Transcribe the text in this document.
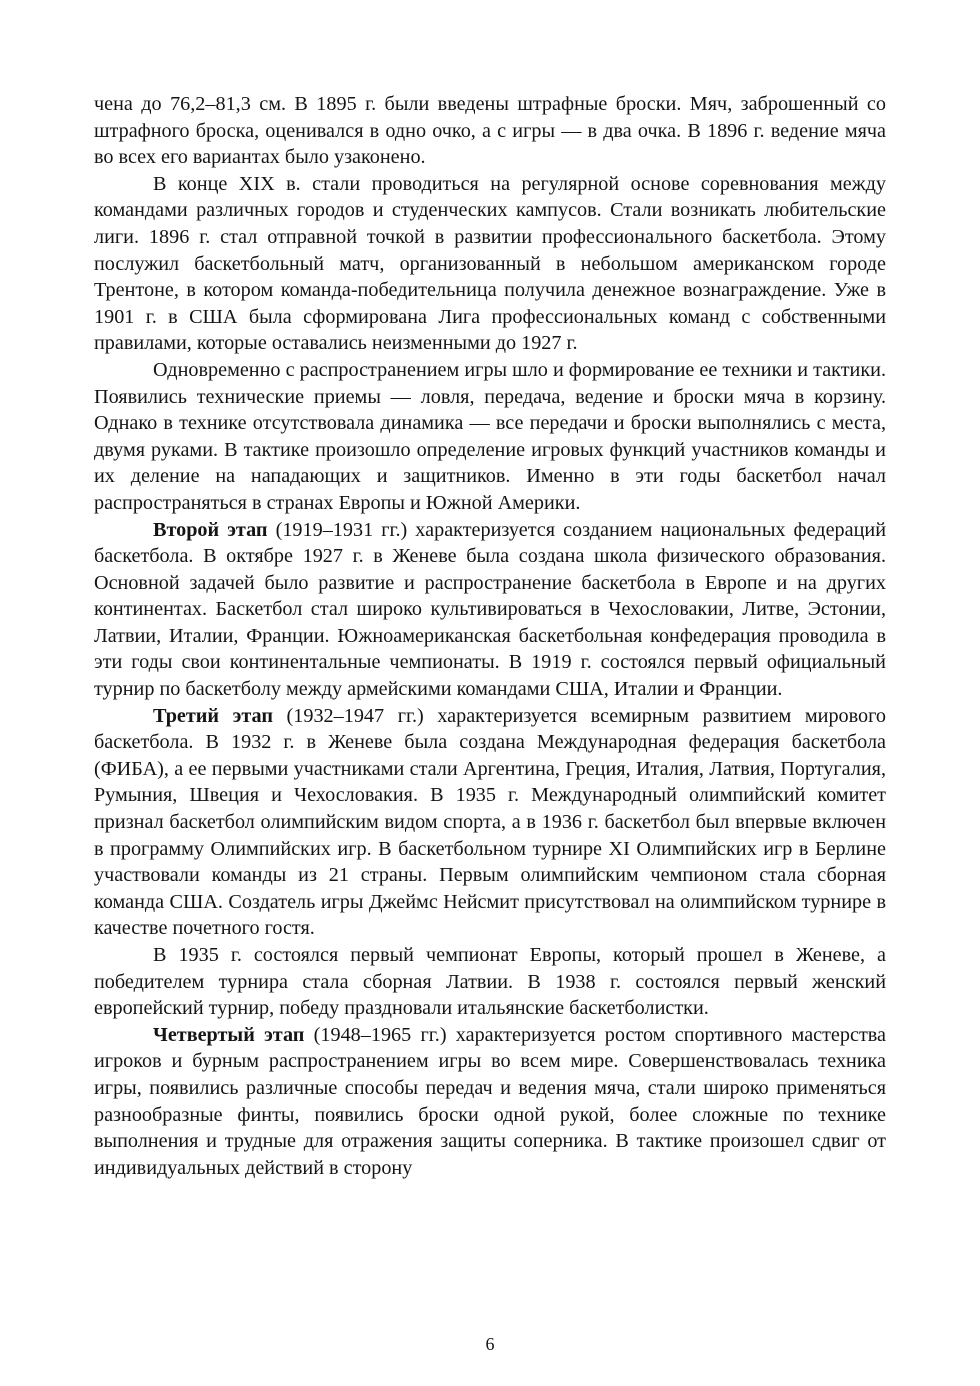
чена до 76,2–81,3 см. В 1895 г. были введены штрафные броски. Мяч, заброшенный со штрафного броска, оценивался в одно очко, а с игры — в два очка. В 1896 г. ведение мяча во всех его вариантах было узаконено.

В конце XIX в. стали проводиться на регулярной основе соревнования между командами различных городов и студенческих кампусов. Стали возникать любительские лиги. 1896 г. стал отправной точкой в развитии профессионального баскетбола. Этому послужил баскетбольный матч, организованный в небольшом американском городе Трентоне, в котором команда-победительница получила денежное вознаграждение. Уже в 1901 г. в США была сформирована Лига профессиональных команд с собственными правилами, которые оставались неизменными до 1927 г.

Одновременно с распространением игры шло и формирование ее техники и тактики. Появились технические приемы — ловля, передача, ведение и броски мяча в корзину. Однако в технике отсутствовала динамика — все передачи и броски выполнялись с места, двумя руками. В тактике произошло определение игровых функций участников команды и их деление на нападающих и защитников. Именно в эти годы баскетбол начал распространяться в странах Европы и Южной Америки.

Второй этап (1919–1931 гг.) характеризуется созданием национальных федераций баскетбола. В октябре 1927 г. в Женеве была создана школа физического образования. Основной задачей было развитие и распространение баскетбола в Европе и на других континентах. Баскетбол стал широко культивироваться в Чехословакии, Литве, Эстонии, Латвии, Италии, Франции. Южноамериканская баскетбольная конфедерация проводила в эти годы свои континентальные чемпионаты. В 1919 г. состоялся первый официальный турнир по баскетболу между армейскими командами США, Италии и Франции.

Третий этап (1932–1947 гг.) характеризуется всемирным развитием мирового баскетбола. В 1932 г. в Женеве была создана Международная федерация баскетбола (ФИБА), а ее первыми участниками стали Аргентина, Греция, Италия, Латвия, Португалия, Румыния, Швеция и Чехословакия. В 1935 г. Международный олимпийский комитет признал баскетбол олимпийским видом спорта, а в 1936 г. баскетбол был впервые включен в программу Олимпийских игр. В баскетбольном турнире XI Олимпийских игр в Берлине участвовали команды из 21 страны. Первым олимпийским чемпионом стала сборная команда США. Создатель игры Джеймс Нейсмит присутствовал на олимпийском турнире в качестве почетного гостя.

В 1935 г. состоялся первый чемпионат Европы, который прошел в Женеве, а победителем турнира стала сборная Латвии. В 1938 г. состоялся первый женский европейский турнир, победу праздновали итальянские баскетболистки.

Четвертый этап (1948–1965 гг.) характеризуется ростом спортивного мастерства игроков и бурным распространением игры во всем мире. Совершенствовалась техника игры, появились различные способы передач и ведения мяча, стали широко применяться разнообразные финты, появились броски одной рукой, более сложные по технике выполнения и трудные для отражения защиты соперника. В тактике произошел сдвиг от индивидуальных действий в сторону

6
